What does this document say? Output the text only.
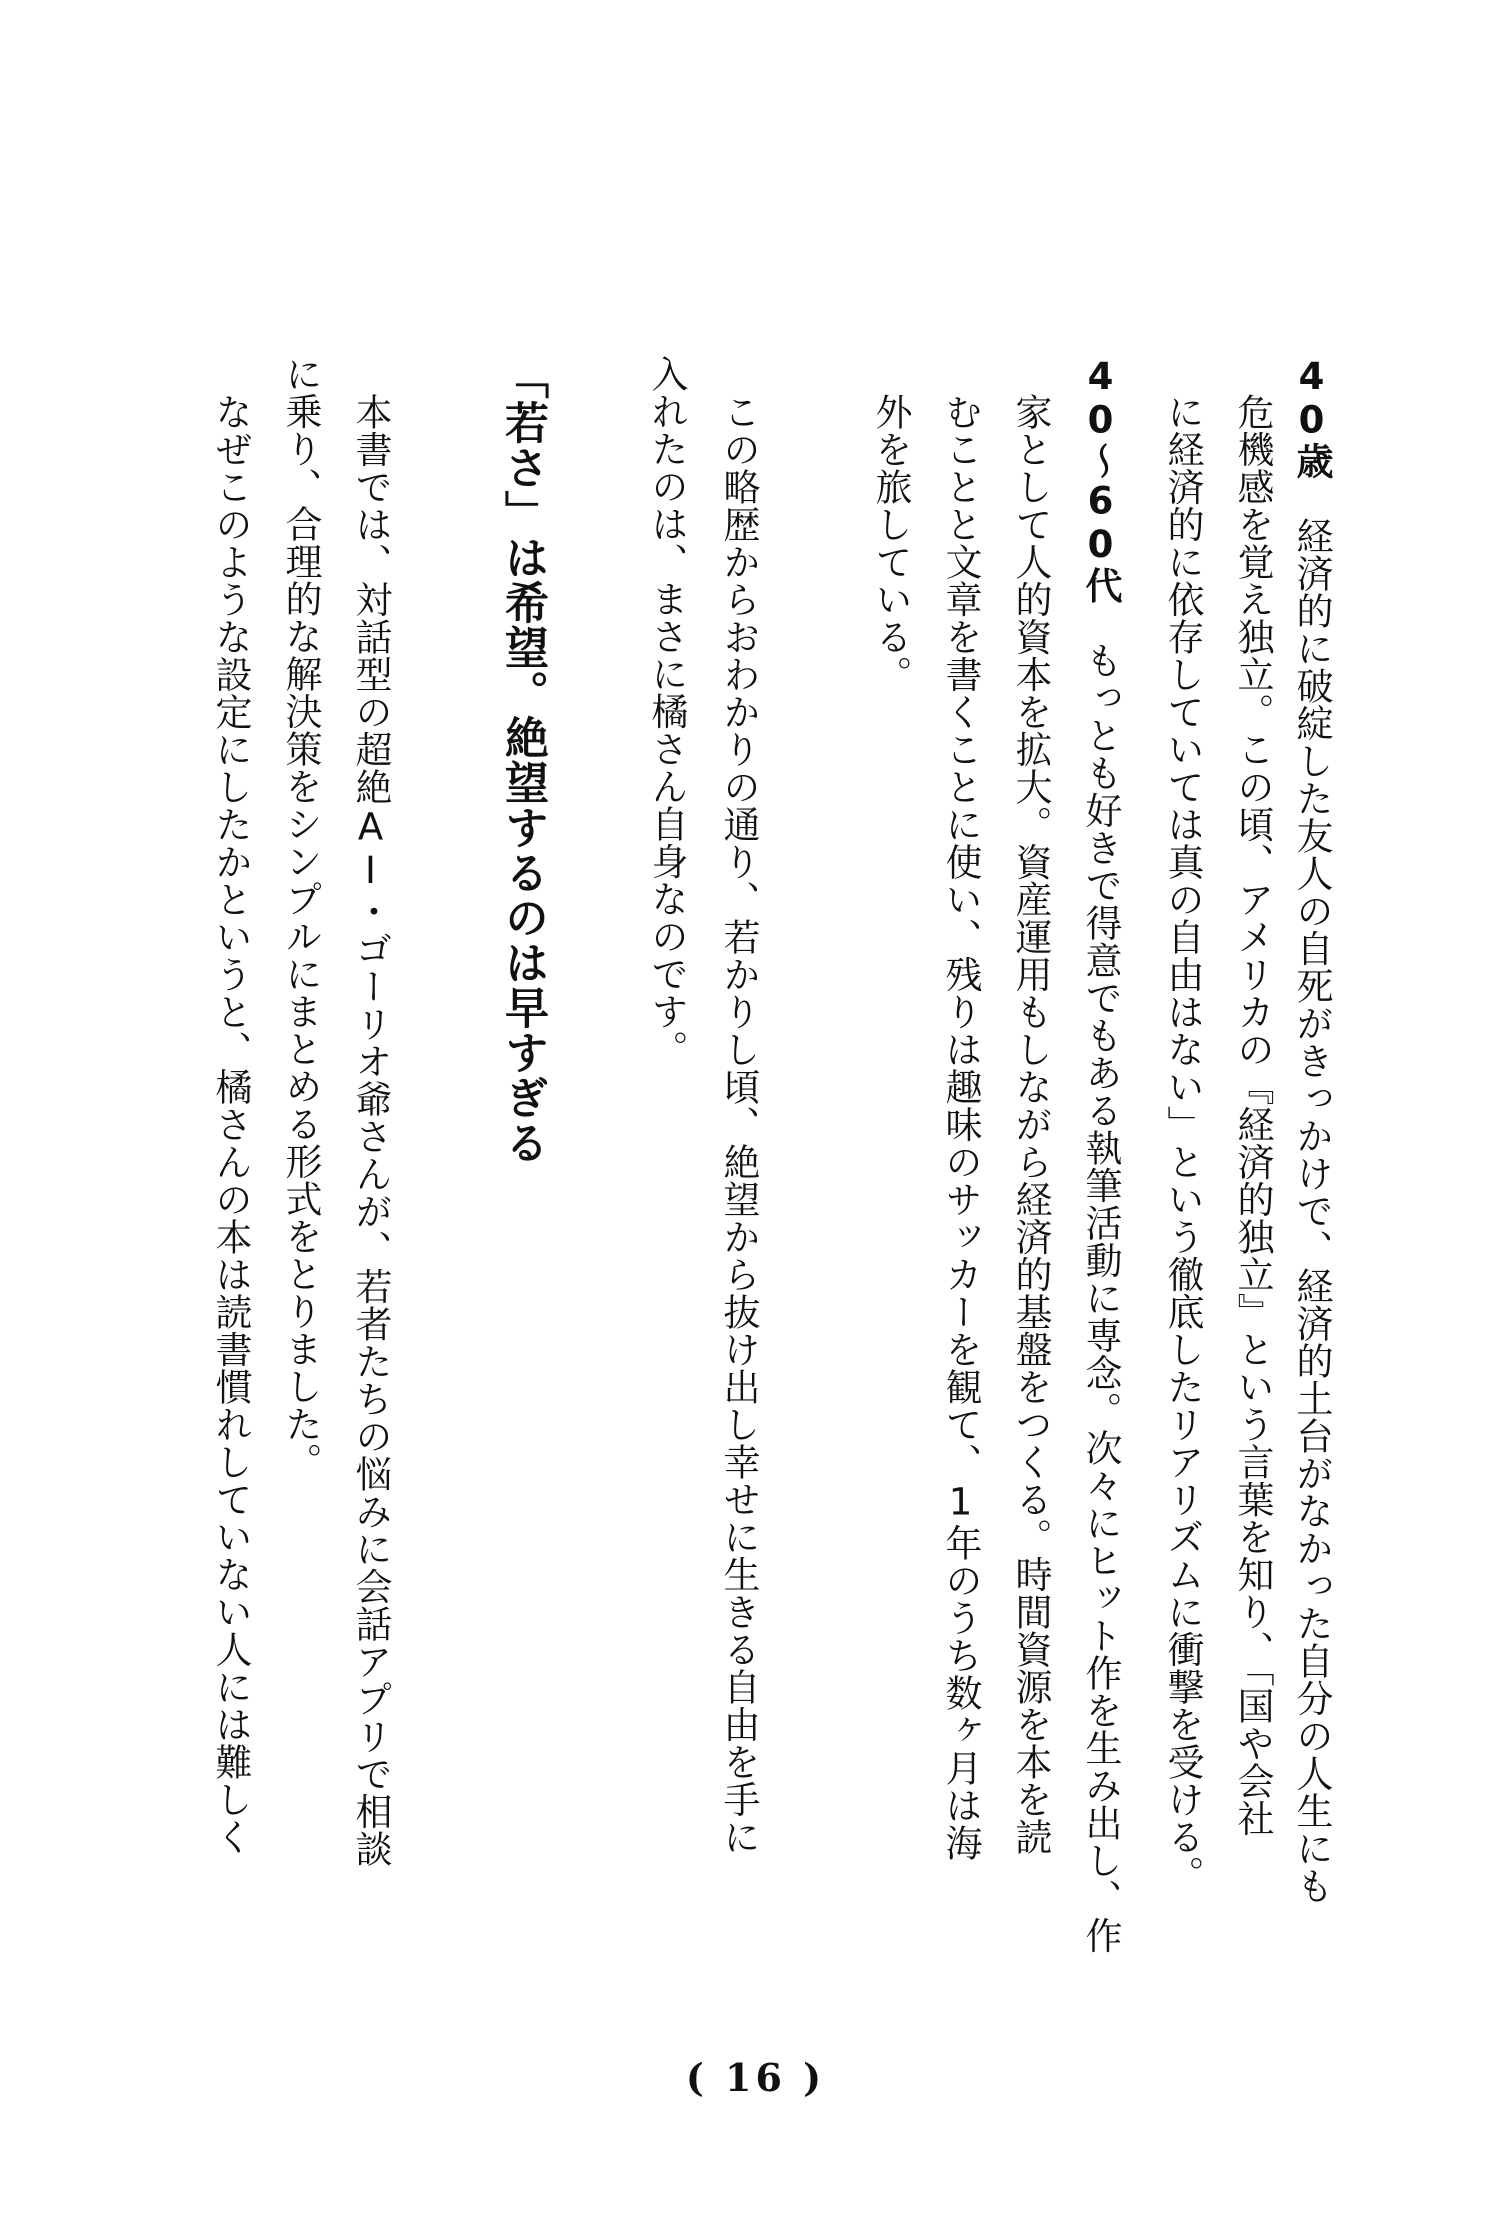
40歳　経済的に破綻した友人の自死がきっかけで、経済的土台がなかった自分の人生にも
危機感を覚え独立。この頃、アメリカの『経済的独立』という言葉を知り、「国や会社
に経済的に依存していては真の自由はない」という徹底したリアリズムに衝撃を受ける。
40〜60代　もっとも好きで得意でもある執筆活動に専念。次々にヒット作を生み出し、作
家として人的資本を拡大。資産運用もしながら経済的基盤をつくる。時間資源を本を読
むことと文章を書くことに使い、残りは趣味のサッカーを観て、1年のうち数ヶ月は海
外を旅している。
この略歴からおわかりの通り、若かりし頃、絶望から抜け出し幸せに生きる自由を手に
入れたのは、まさに橘さん自身なのです。
「若さ」は希望。絶望するのは早すぎる
本書では、対話型の超絶AI・ゴーリオ爺さんが、若者たちの悩みに会話アプリで相談
に乗り、合理的な解決策をシンプルにまとめる形式をとりました。
なぜこのような設定にしたかというと、橘さんの本は読書慣れしていない人には難しく
( 16 )
